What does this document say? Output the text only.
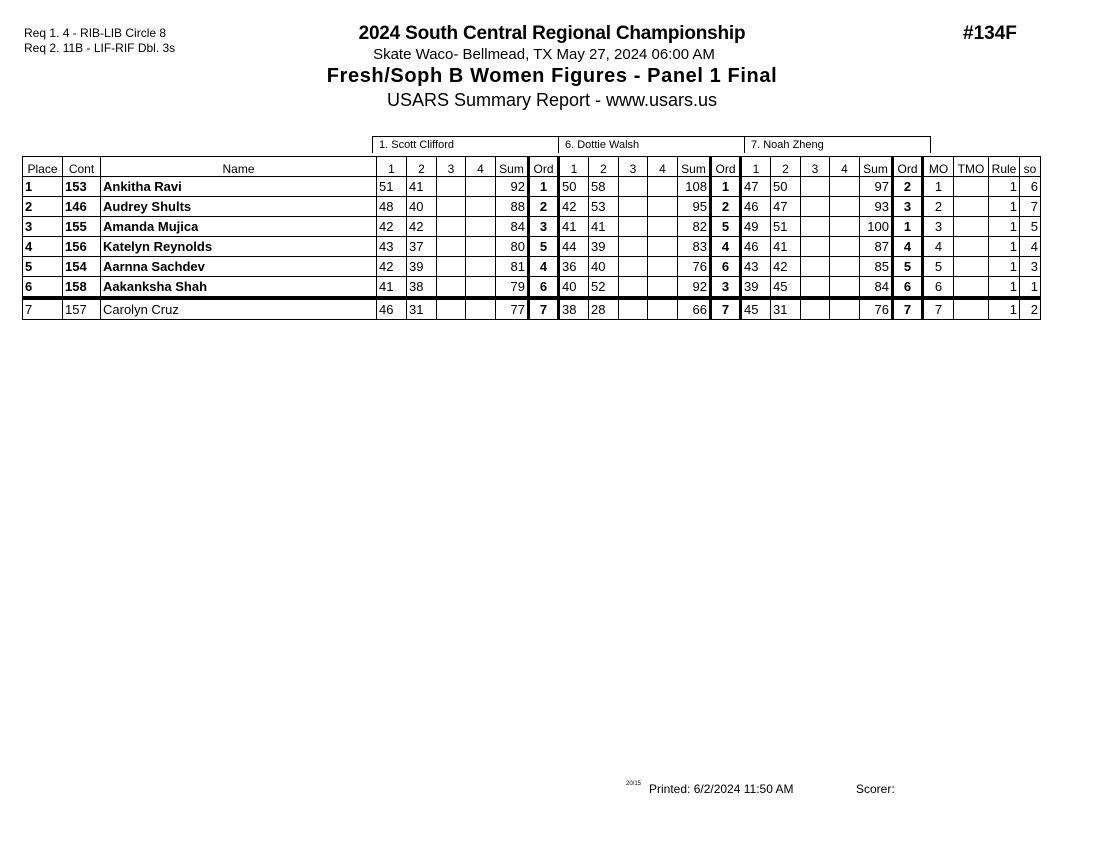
Req 1. 4 - RIB-LIB Circle 8
Req 2. 11B - LIF-RIF Dbl. 3s
2024 South Central Regional Championship
Skate Waco- Bellmead, TX May 27, 2024 06:00 AM
Fresh/Soph B Women Figures - Panel 1 Final
USARS Summary Report - www.usars.us
#134F
1. Scott Clifford	6. Dottie Walsh	7. Noah Zheng
Place	Cont	Name	1	2	3	4	Sum	Ord	1	2	3	4	Sum	Ord	1	2	3	4	Sum	Ord	MO	TMO	Rule	so
1	153	Ankitha Ravi	51	41			92	1	50	58			108	1	47	50			97	2	1		1	6
2	146	Audrey Shults	48	40			88	2	42	53			95	2	46	47			93	3	2		1	7
3	155	Amanda Mujica	42	42			84	3	41	41			82	5	49	51			100	1	3		1	5
4	156	Katelyn Reynolds	43	37			80	5	44	39			83	4	46	41			87	4	4		1	4
5	154	Aarnna Sachdev	42	39			81	4	36	40			76	6	43	42			85	5	5		1	3
6	158	Aakanksha Shah	41	38			79	6	40	52			92	3	39	45			84	6	6		1	1
7	157	Carolyn Cruz	46	31			77	7	38	28			66	7	45	31			76	7	7		1	2
20/15 Printed: 6/2/2024 11:50 AM	Scorer:
